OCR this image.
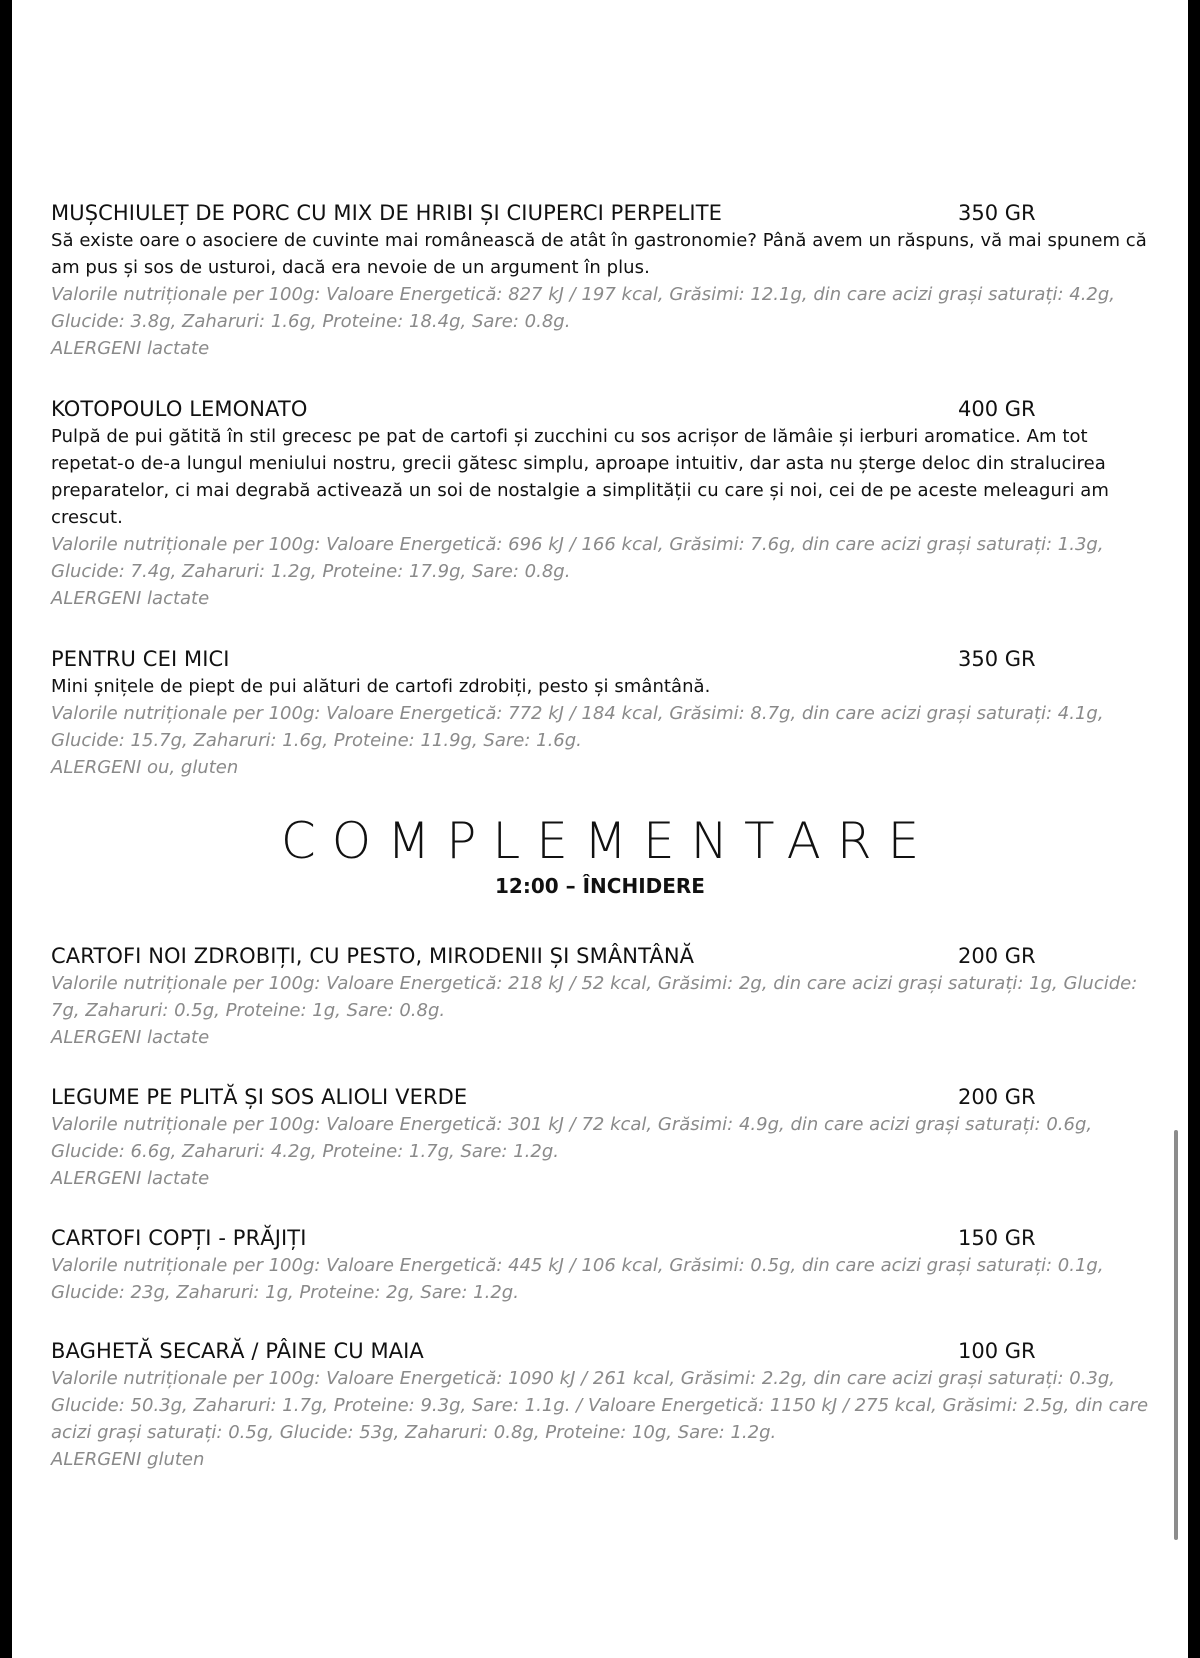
MUȘCHIULEȚ DE PORC CU MIX DE HRIBI ȘI CIUPERCI PERPELITE	350 GR

Să existe oare o asociere de cuvinte mai românească de atât în gastronomie? Până avem un răspuns, vă mai spunem că am pus și sos de usturoi, dacă era nevoie de un argument în plus.

Valorile nutriționale per 100g: Valoare Energetică: 827 kJ / 197 kcal, Grăsimi: 12.1g, din care acizi grași saturați: 4.2g, Glucide: 3.8g, Zaharuri: 1.6g, Proteine: 18.4g, Sare: 0.8g.

ALERGENI lactate

KOTOPOULO LEMONATO	400 GR

Pulpă de pui gătită în stil grecesc pe pat de cartofi și zucchini cu sos acrișor de lămâie și ierburi aromatice. Am tot repetat-o de-a lungul meniului nostru, grecii gătesc simplu, aproape intuitiv, dar asta nu șterge deloc din stralucirea preparatelor, ci mai degrabă activează un soi de nostalgie a simplității cu care și noi, cei de pe aceste meleaguri am crescut.

Valorile nutriționale per 100g: Valoare Energetică: 696 kJ / 166 kcal, Grăsimi: 7.6g, din care acizi grași saturați: 1.3g, Glucide: 7.4g, Zaharuri: 1.2g, Proteine: 17.9g, Sare: 0.8g.

ALERGENI lactate

PENTRU CEI MICI	350 GR

Mini șnițele de piept de pui alături de cartofi zdrobiți, pesto și smântână.

Valorile nutriționale per 100g: Valoare Energetică: 772 kJ / 184 kcal, Grăsimi: 8.7g, din care acizi grași saturați: 4.1g, Glucide: 15.7g, Zaharuri: 1.6g, Proteine: 11.9g, Sare: 1.6g.

ALERGENI ou, gluten

COMPLEMENTARE
12:00 – ÎNCHIDERE
CARTOFI NOI ZDROBIȚI, CU PESTO, MIRODENII ȘI SMÂNTÂNĂ	200 GR

Valorile nutriționale per 100g: Valoare Energetică: 218 kJ / 52 kcal, Grăsimi: 2g, din care acizi grași saturați: 1g, Glucide: 7g, Zaharuri: 0.5g, Proteine: 1g, Sare: 0.8g.

ALERGENI lactate

LEGUME PE PLITĂ ȘI SOS ALIOLI VERDE	200 GR

Valorile nutriționale per 100g: Valoare Energetică: 301 kJ / 72 kcal, Grăsimi: 4.9g, din care acizi grași saturați: 0.6g, Glucide: 6.6g, Zaharuri: 4.2g, Proteine: 1.7g, Sare: 1.2g.

ALERGENI lactate

CARTOFI COPȚI - PRĂJIȚI	150 GR

Valorile nutriționale per 100g: Valoare Energetică: 445 kJ / 106 kcal, Grăsimi: 0.5g, din care acizi grași saturați: 0.1g, Glucide: 23g, Zaharuri: 1g, Proteine: 2g, Sare: 1.2g.

BAGHETĂ SECARĂ / PÂINE CU MAIA	100 GR

Valorile nutriționale per 100g: Valoare Energetică: 1090 kJ / 261 kcal, Grăsimi: 2.2g, din care acizi grași saturați: 0.3g, Glucide: 50.3g, Zaharuri: 1.7g, Proteine: 9.3g, Sare: 1.1g. / Valoare Energetică: 1150 kJ / 275 kcal, Grăsimi: 2.5g, din care acizi grași saturați: 0.5g, Glucide: 53g, Zaharuri: 0.8g, Proteine: 10g, Sare: 1.2g.

ALERGENI gluten
